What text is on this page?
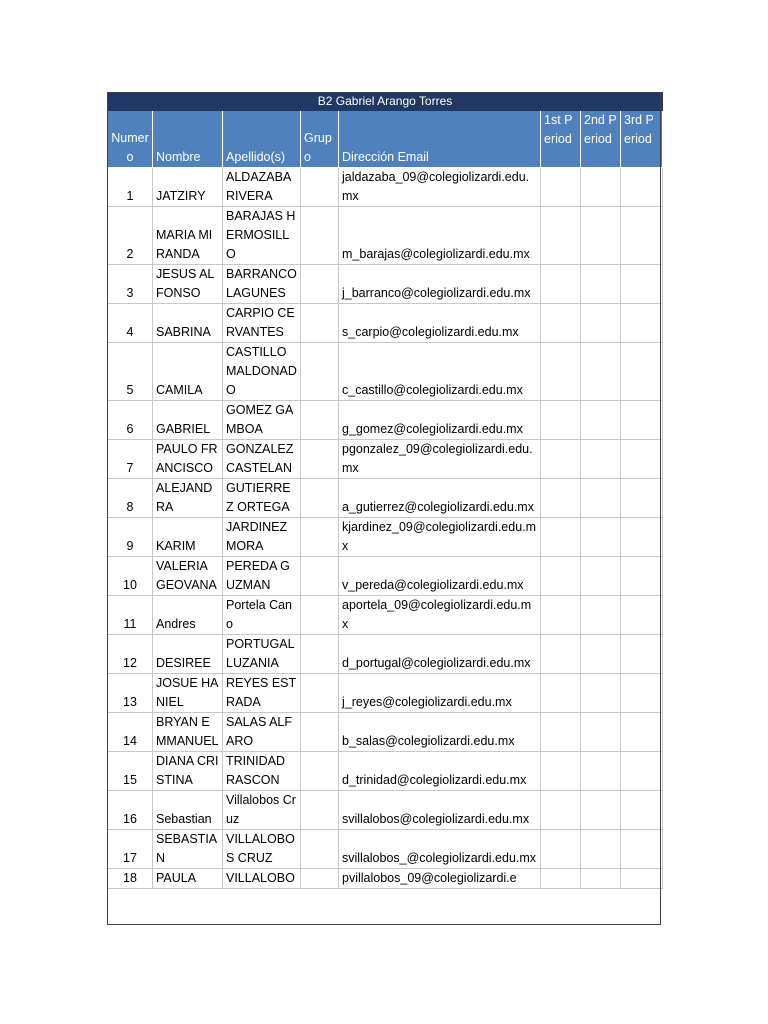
B2 Gabriel Arango Torres							
Numero	Nombre	Apellido(s)	Grupo	Dirección Email	1st Period	2nd Period	3rd Period
1	JATZIRY	ALDAZABA RIVERA		jaldazaba_09@colegiolizardi.edu.mx			
2	MARIA MIRANDA	BARAJAS HERMOSILLO		m_barajas@colegiolizardi.edu.mx			
3	JESUS ALFONSO	BARRANCO LAGUNES		j_barranco@colegiolizardi.edu.mx			
4	SABRINA	CARPIO CERVANTES		s_carpio@colegiolizardi.edu.mx			
5	CAMILA	CASTILLO MALDONADO		c_castillo@colegiolizardi.edu.mx			
6	GABRIEL	GOMEZ GAMBOA		g_gomez@colegiolizardi.edu.mx			
7	PAULO FRANCISCO	GONZALEZ CASTELAN		pgonzalez_09@colegiolizardi.edu.mx			
8	ALEJANDRA	GUTIERREZ ORTEGA		a_gutierrez@colegiolizardi.edu.mx			
9	KARIM	JARDINEZ MORA		kjardinez_09@colegiolizardi.edu.mx			
10	VALERIA GEOVANA	PEREDA GUZMAN		v_pereda@colegiolizardi.edu.mx			
11	Andres	Portela Cano		aportela_09@colegiolizardi.edu.mx			
12	DESIREE	PORTUGAL LUZANIA		d_portugal@colegiolizardi.edu.mx			
13	JOSUE HANIEL	REYES ESTRADA		j_reyes@colegiolizardi.edu.mx			
14	BRYAN EMMANUEL	SALAS ALFARO		b_salas@colegiolizardi.edu.mx			
15	DIANA CRISTINA	TRINIDAD RASCON		d_trinidad@colegiolizardi.edu.mx			
16	Sebastian	Villalobos Cruz		svillalobos@colegiolizardi.edu.mx			
17	SEBASTIAN	VILLALOBOS CRUZ		svillalobos_@colegiolizardi.edu.mx			
18	PAULA	VILLALOBO		pvillalobos_09@colegiolizardi.e			
